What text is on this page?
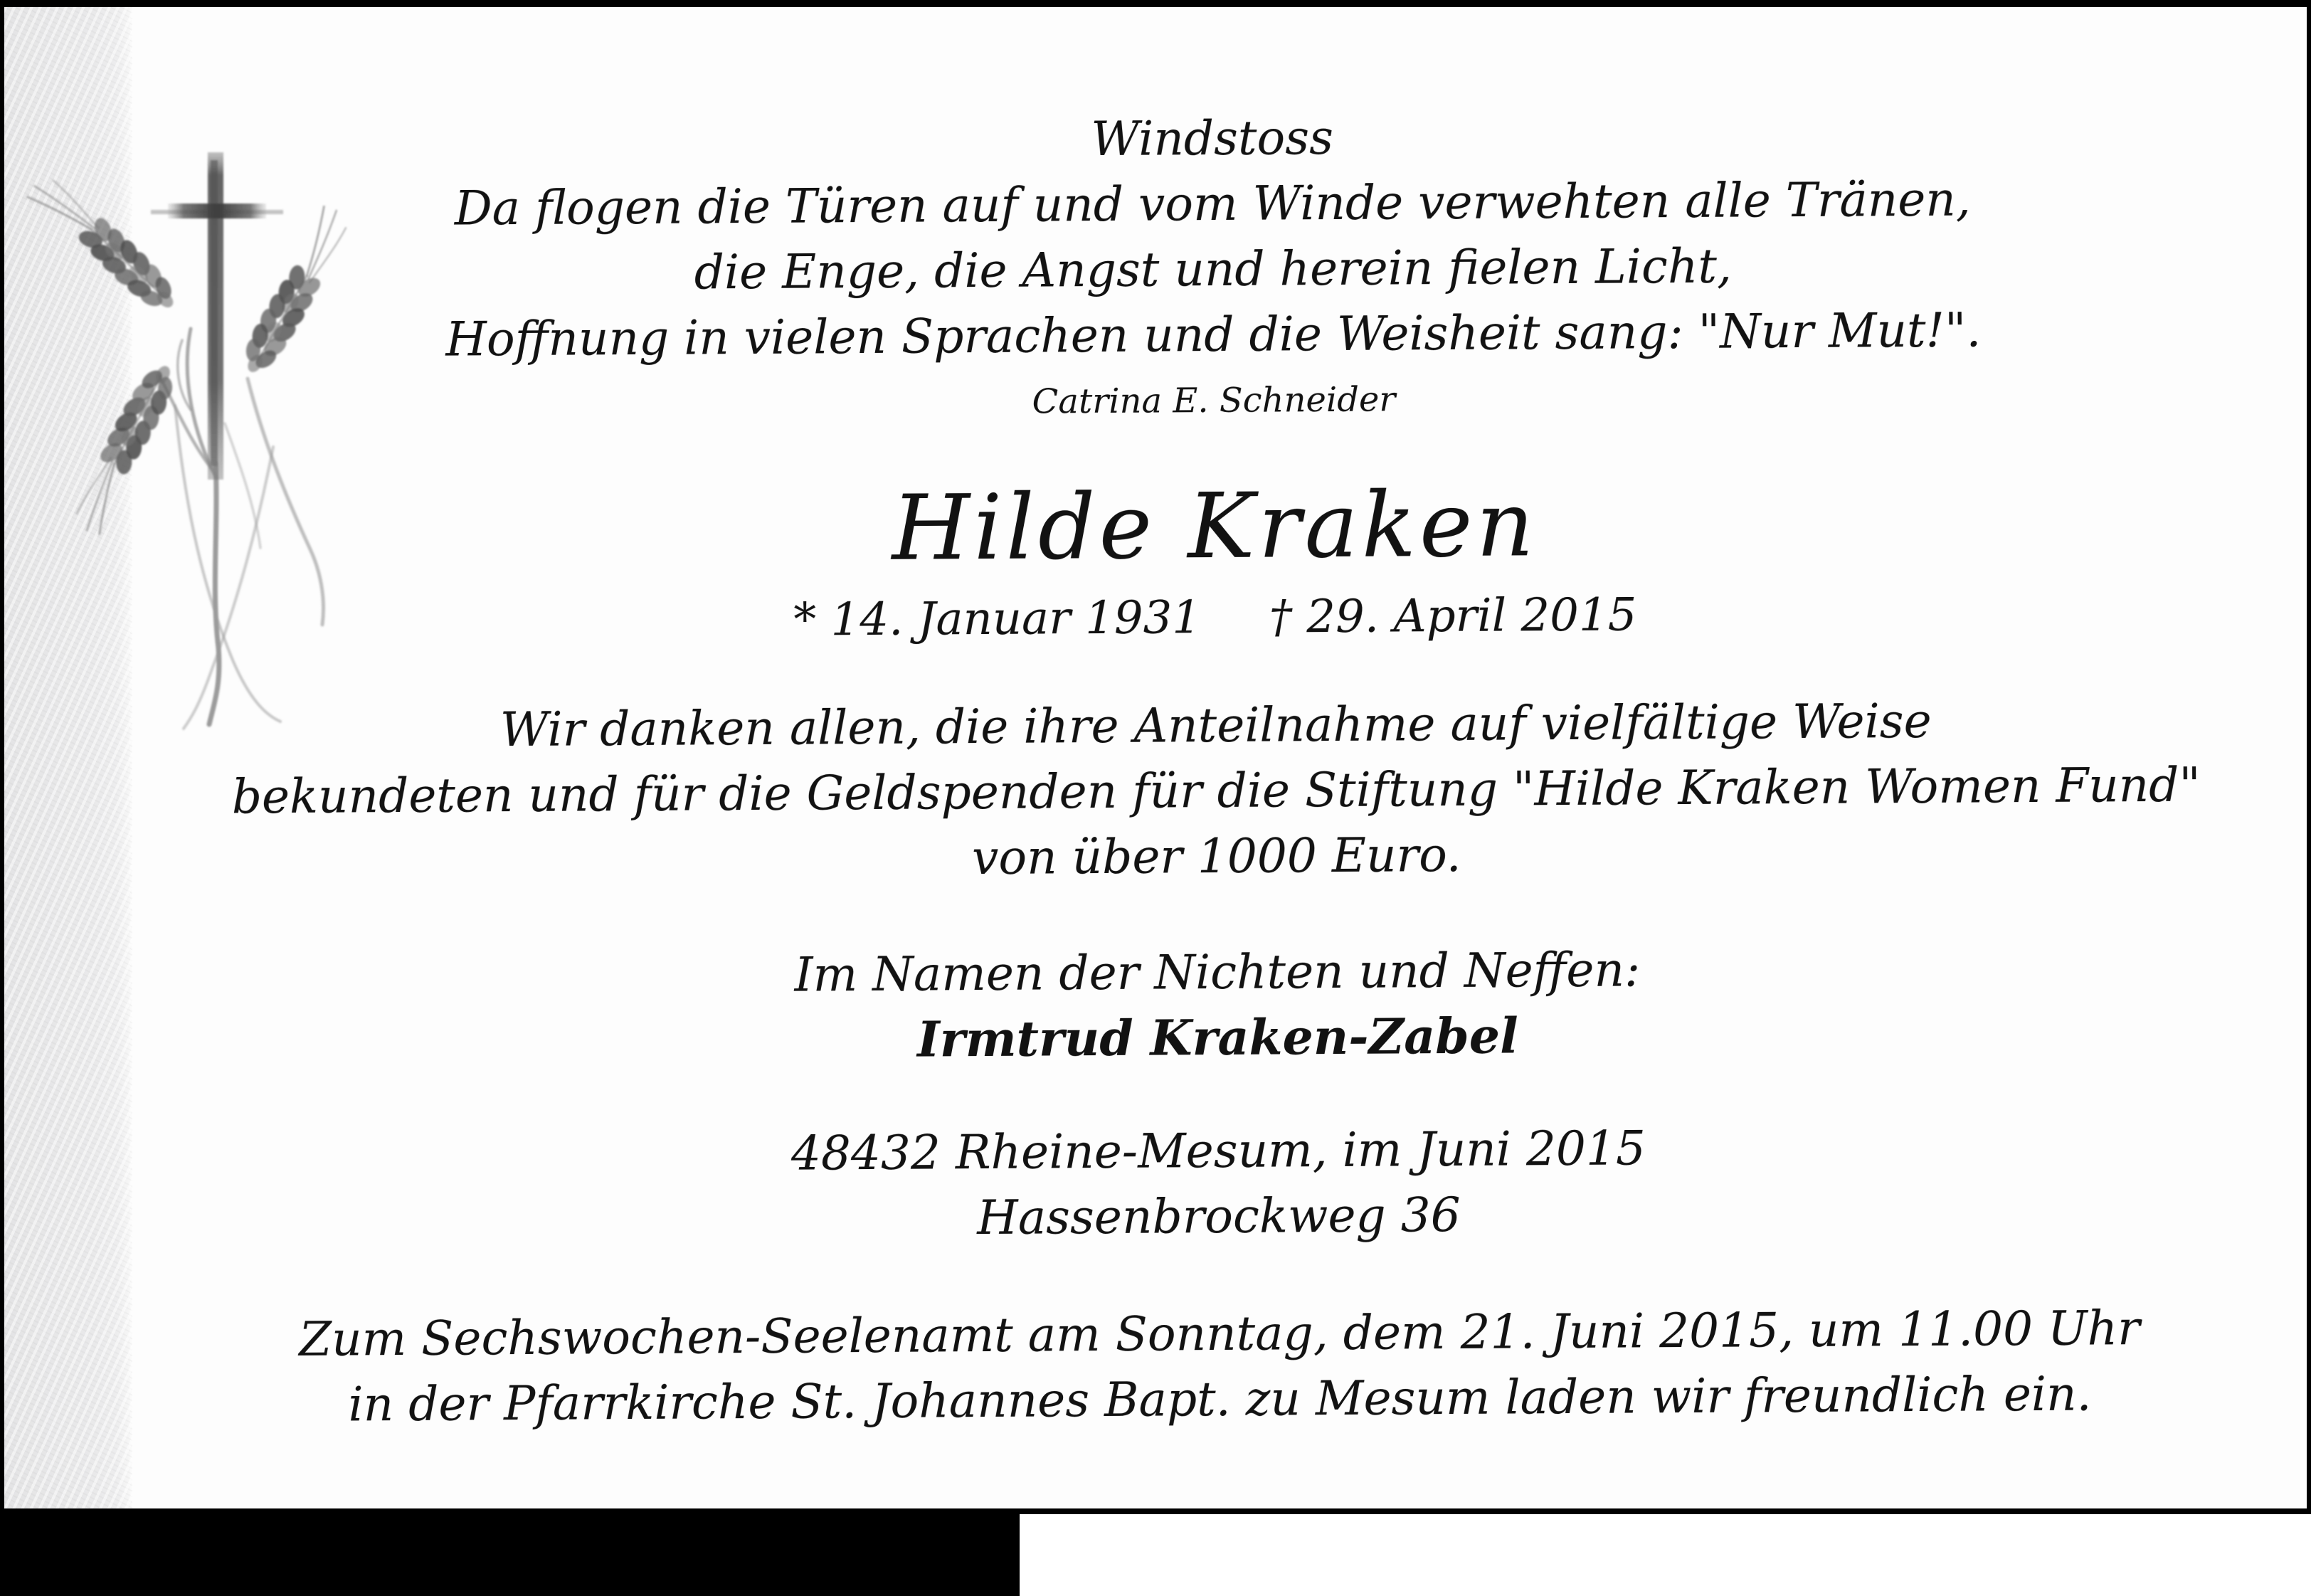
Windstoss
Da flogen die Türen auf und vom Winde verwehten alle Tränen,
die Enge, die Angst und herein fielen Licht,
Hoffnung in vielen Sprachen und die Weisheit sang: "Nur Mut!".
Catrina E. Schneider
Hilde Kraken
* 14. Januar 1931 † 29. April 2015
Wir danken allen, die ihre Anteilnahme auf vielfältige Weise
bekundeten und für die Geldspenden für die Stiftung "Hilde Kraken Women Fund"
von über 1000 Euro.
Im Namen der Nichten und Neffen:
Irmtrud Kraken-Zabel
48432 Rheine-Mesum, im Juni 2015
Hassenbrockweg 36
Zum Sechswochen-Seelenamt am Sonntag, dem 21. Juni 2015, um 11.00 Uhr
in der Pfarrkirche St. Johannes Bapt. zu Mesum laden wir freundlich ein.
